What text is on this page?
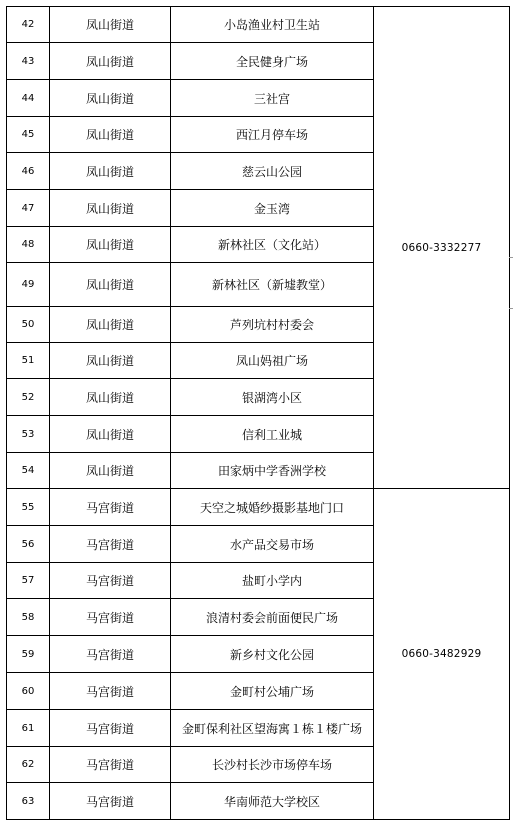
42	凤山街道	小岛渔业村卫生站	0660-3332277
43	凤山街道	全民健身广场	
44	凤山街道	三社宫	
45	凤山街道	西江月停车场	
46	凤山街道	慈云山公园	
47	凤山街道	金玉湾	
48	凤山街道	新林社区（文化站）	
49	凤山街道	新林社区（新墟教堂）	
50	凤山街道	芦列坑村村委会	
51	凤山街道	凤山妈祖广场	
52	凤山街道	银湖湾小区	
53	凤山街道	信利工业城	
54	凤山街道	田家炳中学香洲学校	
55	马宫街道	天空之城婚纱摄影基地门口	0660-3482929
56	马宫街道	水产品交易市场	
57	马宫街道	盐町小学内	
58	马宫街道	浪清村委会前面便民广场	
59	马宫街道	新乡村文化公园	
60	马宫街道	金町村公埔广场	
61	马宫街道	金町保利社区望海寓１栋１楼广场	
62	马宫街道	长沙村长沙市场停车场	
63	马宫街道	华南师范大学校区	
